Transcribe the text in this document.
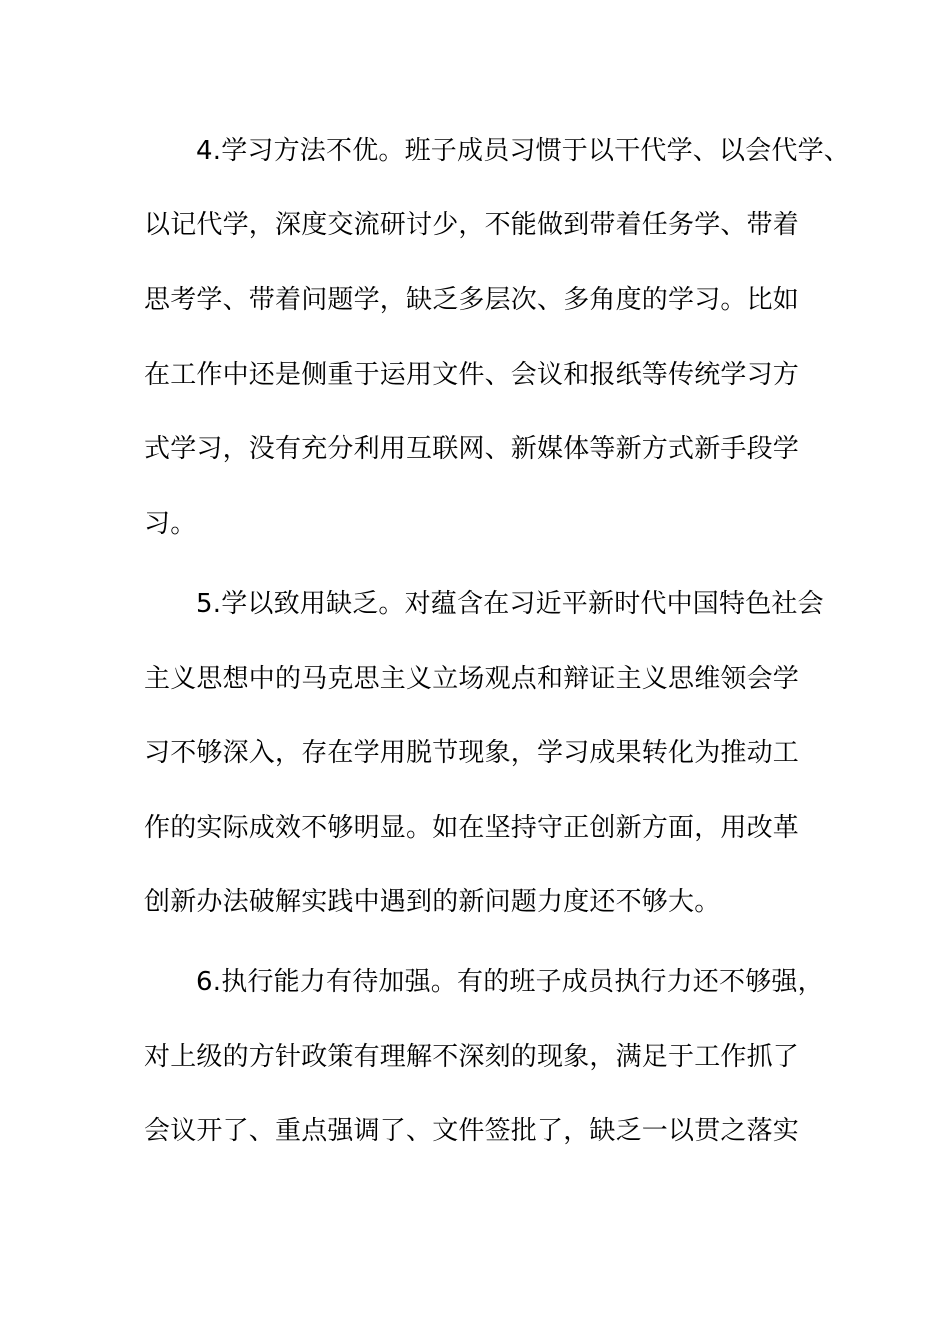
4.学习方法不优。班子成员习惯于以干代学、以会代学、
以记代学，深度交流研讨少，不能做到带着任务学、带着
思考学、带着问题学，缺乏多层次、多角度的学习。比如
在工作中还是侧重于运用文件、会议和报纸等传统学习方
式学习，没有充分利用互联网、新媒体等新方式新手段学
习。
5.学以致用缺乏。对蕴含在习近平新时代中国特色社会
主义思想中的马克思主义立场观点和辩证主义思维领会学
习不够深入，存在学用脱节现象，学习成果转化为推动工
作的实际成效不够明显。如在坚持守正创新方面，用改革
创新办法破解实践中遇到的新问题力度还不够大。
6.执行能力有待加强。有的班子成员执行力还不够强，
对上级的方针政策有理解不深刻的现象，满足于工作抓了
会议开了、重点强调了、文件签批了，缺乏一以贯之落实
